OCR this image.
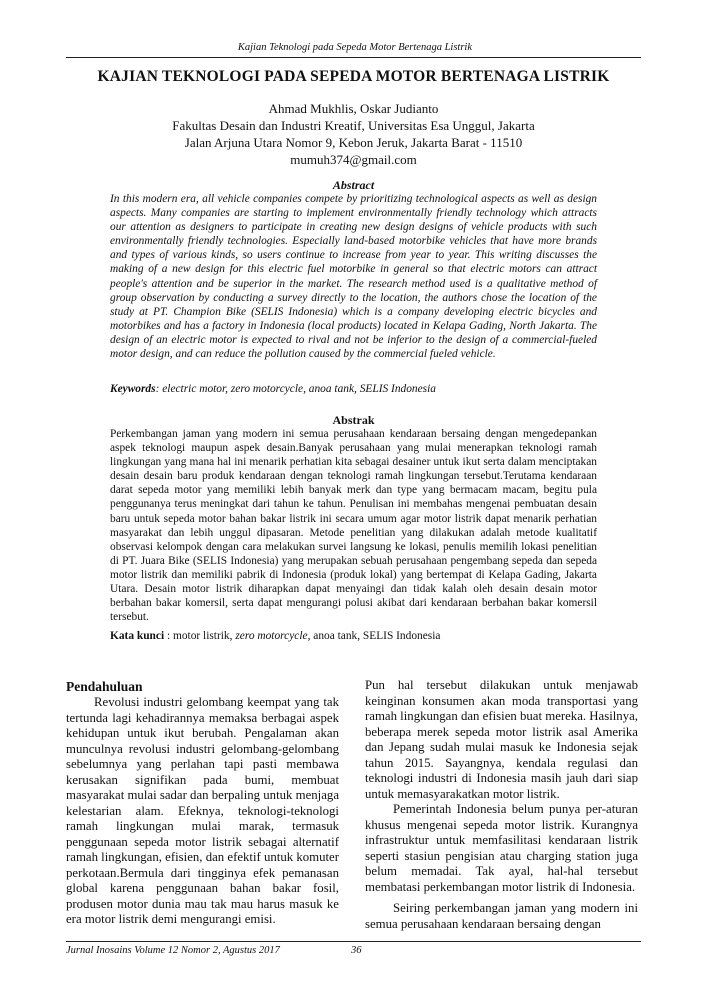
Kajian Teknologi pada Sepeda Motor Bertenaga Listrik
KAJIAN TEKNOLOGI PADA SEPEDA MOTOR BERTENAGA LISTRIK
Ahmad Mukhlis, Oskar Judianto
Fakultas Desain dan Industri Kreatif, Universitas Esa Unggul, Jakarta
Jalan Arjuna Utara Nomor 9, Kebon Jeruk, Jakarta Barat - 11510
mumuh374@gmail.com
Abstract

In this modern era, all vehicle companies compete by prioritizing technological aspects as well as design aspects. Many companies are starting to implement environmentally friendly technology which attracts our attention as designers to participate in creating new design designs of vehicle products with such environmentally friendly technologies. Especially land-based motorbike vehicles that have more brands and types of various kinds, so users continue to increase from year to year. This writing discusses the making of a new design for this electric fuel motorbike in general so that electric motors can attract people's attention and be superior in the market. The research method used is a qualitative method of group observation by conducting a survey directly to the location, the authors chose the location of the study at PT. Champion Bike (SELIS Indonesia) which is a company developing electric bicycles and motorbikes and has a factory in Indonesia (local products) located in Kelapa Gading, North Jakarta. The design of an electric motor is expected to rival and not be inferior to the design of a commercial-fueled motor design, and can reduce the pollution caused by the commercial fueled vehicle.

Keywords: electric motor, zero motorcycle, anoa tank, SELIS Indonesia
Abstrak

Perkembangan jaman yang modern ini semua perusahaan kendaraan bersaing dengan mengedepankan aspek teknologi maupun aspek desain.Banyak perusahaan yang mulai menerapkan teknologi ramah lingkungan yang mana hal ini menarik perhatian kita sebagai desainer untuk ikut serta dalam menciptakan desain desain baru produk kendaraan dengan teknologi ramah lingkungan tersebut.Terutama kendaraan darat sepeda motor yang memiliki lebih banyak merk dan type yang bermacam macam, begitu pula penggunanya terus meningkat dari tahun ke tahun. Penulisan ini membahas mengenai pembuatan desain baru untuk sepeda motor bahan bakar listrik ini secara umum agar motor listrik dapat menarik perhatian masyarakat dan lebih unggul dipasaran. Metode penelitian yang dilakukan adalah metode kualitatif observasi kelompok dengan cara melakukan survei langsung ke lokasi, penulis memilih lokasi penelitian di PT. Juara Bike (SELIS Indonesia) yang merupakan sebuah perusahaan pengembang sepeda dan sepeda motor listrik dan memiliki pabrik di Indonesia (produk lokal) yang bertempat di Kelapa Gading, Jakarta Utara. Desain motor listrik diharapkan dapat menyaingi dan tidak kalah oleh desain desain motor berbahan bakar komersil, serta dapat mengurangi polusi akibat dari kendaraan berbahan bakar komersil tersebut.

Kata kunci : motor listrik, zero motorcycle, anoa tank, SELIS Indonesia
Pendahuluan

Revolusi industri gelombang keempat yang tak tertunda lagi kehadirannya memaksa berbagai aspek kehidupan untuk ikut berubah. Pengalaman akan munculnya revolusi industri gelombang-gelombang sebelumnya yang perlahan tapi pasti membawa kerusakan signifikan pada bumi, membuat masyarakat mulai sadar dan berpaling untuk menjaga kelestarian alam. Efeknya, teknologi-teknologi ramah lingkungan mulai marak, termasuk penggunaan sepeda motor listrik sebagai alternatif ramah lingkungan, efisien, dan efektif untuk komuter perkotaan.Bermula dari tingginya efek pemanasan global karena penggunaan bahan bakar fosil, produsen motor dunia mau tak mau harus masuk ke era motor listrik demi mengurangi emisi.

Pun hal tersebut dilakukan untuk menjawab keinginan konsumen akan moda transportasi yang ramah lingkungan dan efisien buat mereka. Hasilnya, beberapa merek sepeda motor listrik asal Amerika dan Jepang sudah mulai masuk ke Indonesia sejak tahun 2015. Sayangnya, kendala regulasi dan teknologi industri di Indonesia masih jauh dari siap untuk memasyarakatkan motor listrik.

Pemerintah Indonesia belum punya per-aturan khusus mengenai sepeda motor listrik. Kurangnya infrastruktur untuk memfasilitasi kendaraan listrik seperti stasiun pengisian atau charging station juga belum memadai. Tak ayal, hal-hal tersebut membatasi perkembangan motor listrik di Indonesia.

Seiring perkembangan jaman yang modern ini semua perusahaan kendaraan bersaing dengan

Jurnal Inosains Volume 12 Nomor 2, Agustus 2017	36
